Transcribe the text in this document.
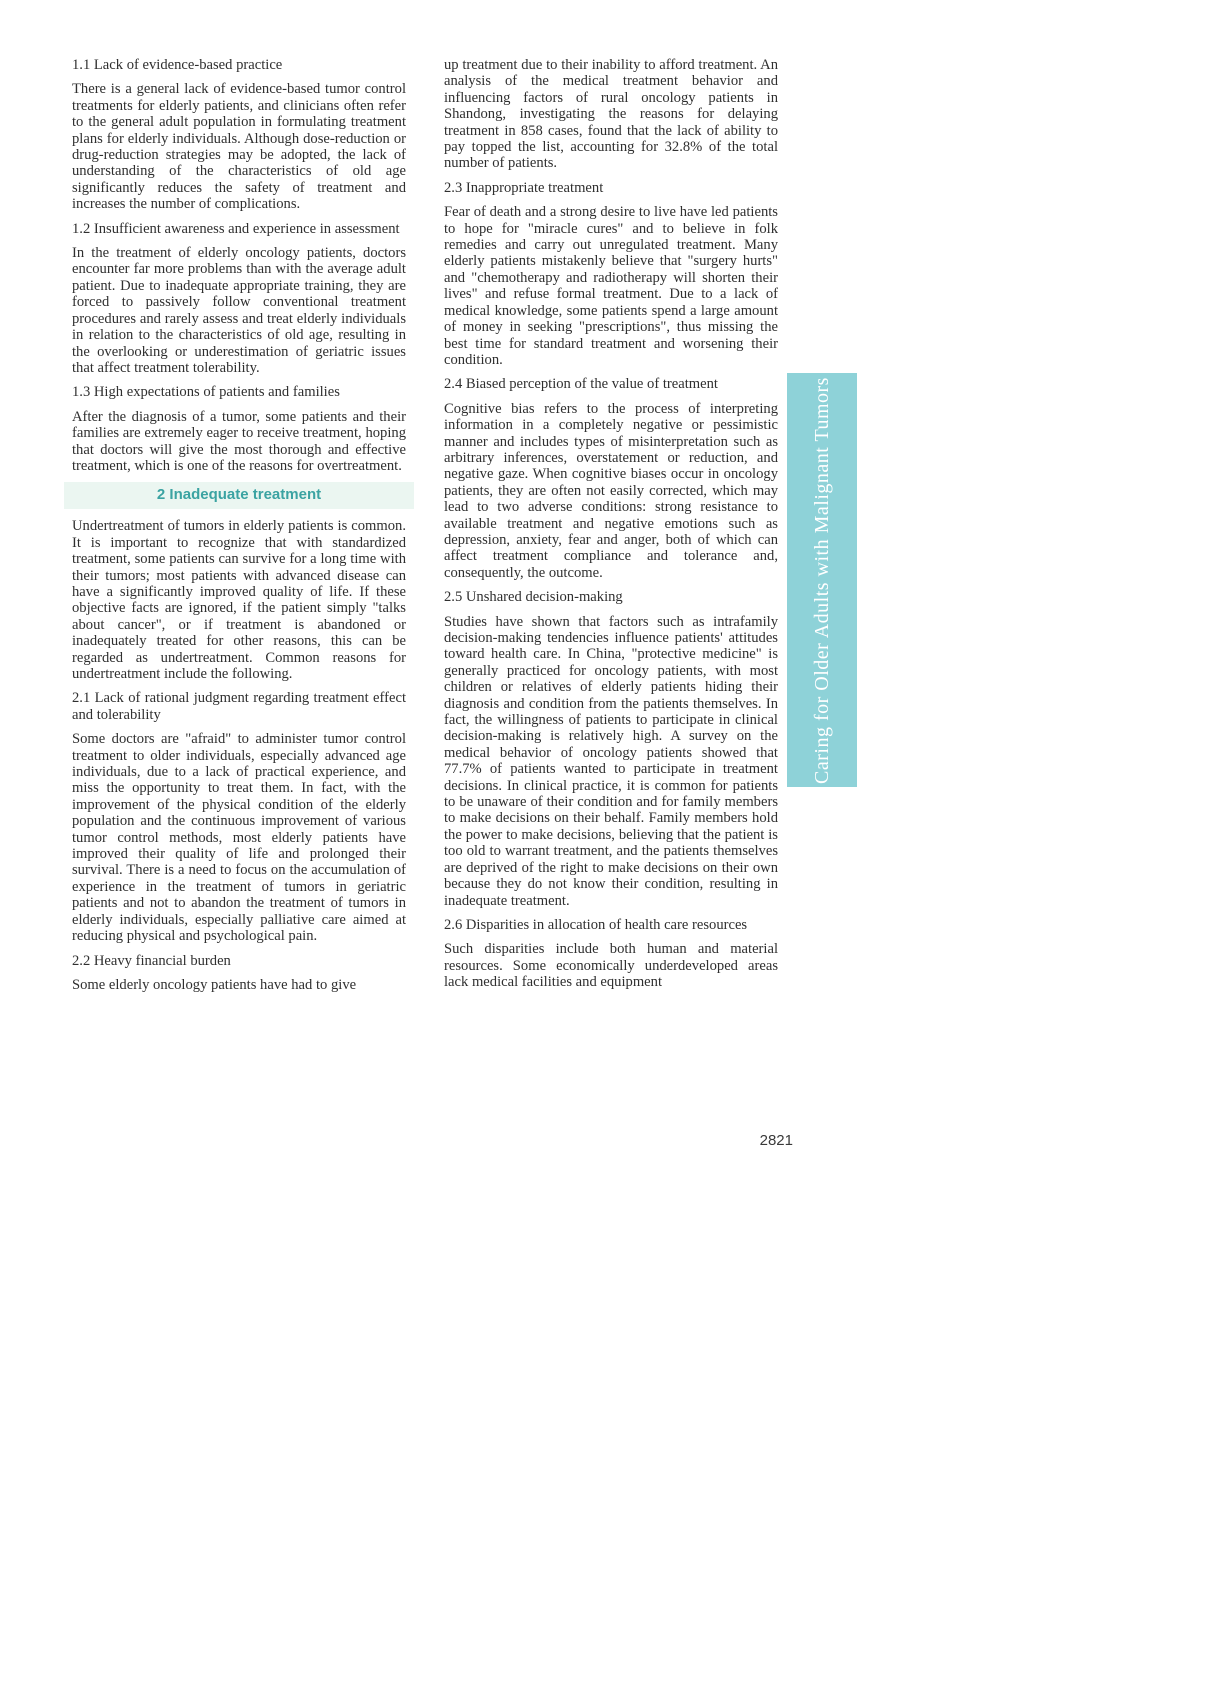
1.1 Lack of evidence-based practice

There is a general lack of evidence-based tumor control treatments for elderly patients, and clinicians often refer to the general adult population in formulating treatment plans for elderly individuals. Although dose-reduction or drug-reduction strategies may be adopted, the lack of understanding of the characteristics of old age significantly reduces the safety of treatment and increases the number of complications.

1.2 Insufficient awareness and experience in assessment

In the treatment of elderly oncology patients, doctors encounter far more problems than with the average adult patient. Due to inadequate appropriate training, they are forced to passively follow conventional treatment procedures and rarely assess and treat elderly individuals in relation to the characteristics of old age, resulting in the overlooking or underestimation of geriatric issues that affect treatment tolerability.

1.3 High expectations of patients and families

After the diagnosis of a tumor, some patients and their families are extremely eager to receive treatment, hoping that doctors will give the most thorough and effective treatment, which is one of the reasons for overtreatment.

2 Inadequate treatment

Undertreatment of tumors in elderly patients is common. It is important to recognize that with standardized treatment, some patients can survive for a long time with their tumors; most patients with advanced disease can have a significantly improved quality of life. If these objective facts are ignored, if the patient simply "talks about cancer", or if treatment is abandoned or inadequately treated for other reasons, this can be regarded as undertreatment. Common reasons for undertreatment include the following.

2.1 Lack of rational judgment regarding treatment effect and tolerability

Some doctors are "afraid" to administer tumor control treatment to older individuals, especially advanced age individuals, due to a lack of practical experience, and miss the opportunity to treat them. In fact, with the improvement of the physical condition of the elderly population and the continuous improvement of various tumor control methods, most elderly patients have improved their quality of life and prolonged their survival. There is a need to focus on the accumulation of experience in the treatment of tumors in geriatric patients and not to abandon the treatment of tumors in elderly individuals, especially palliative care aimed at reducing physical and psychological pain.

2.2 Heavy financial burden

Some elderly oncology patients have had to give

up treatment due to their inability to afford treatment. An analysis of the medical treatment behavior and influencing factors of rural oncology patients in Shandong, investigating the reasons for delaying treatment in 858 cases, found that the lack of ability to pay topped the list, accounting for 32.8% of the total number of patients.

2.3 Inappropriate treatment

Fear of death and a strong desire to live have led patients to hope for "miracle cures" and to believe in folk remedies and carry out unregulated treatment. Many elderly patients mistakenly believe that "surgery hurts" and "chemotherapy and radiotherapy will shorten their lives" and refuse formal treatment. Due to a lack of medical knowledge, some patients spend a large amount of money in seeking "prescriptions", thus missing the best time for standard treatment and worsening their condition.

2.4 Biased perception of the value of treatment

Cognitive bias refers to the process of interpreting information in a completely negative or pessimistic manner and includes types of misinterpretation such as arbitrary inferences, overstatement or reduction, and negative gaze. When cognitive biases occur in oncology patients, they are often not easily corrected, which may lead to two adverse conditions: strong resistance to available treatment and negative emotions such as depression, anxiety, fear and anger, both of which can affect treatment compliance and tolerance and, consequently, the outcome.

2.5 Unshared decision-making

Studies have shown that factors such as intrafamily decision-making tendencies influence patients' attitudes toward health care. In China, "protective medicine" is generally practiced for oncology patients, with most children or relatives of elderly patients hiding their diagnosis and condition from the patients themselves. In fact, the willingness of patients to participate in clinical decision-making is relatively high. A survey on the medical behavior of oncology patients showed that 77.7% of patients wanted to participate in treatment decisions. In clinical practice, it is common for patients to be unaware of their condition and for family members to make decisions on their behalf. Family members hold the power to make decisions, believing that the patient is too old to warrant treatment, and the patients themselves are deprived of the right to make decisions on their own because they do not know their condition, resulting in inadequate treatment.

2.6 Disparities in allocation of health care resources

Such disparities include both human and material resources. Some economically underdeveloped areas lack medical facilities and equipment

Caring for Older Adults with Malignant Tumors
2821
